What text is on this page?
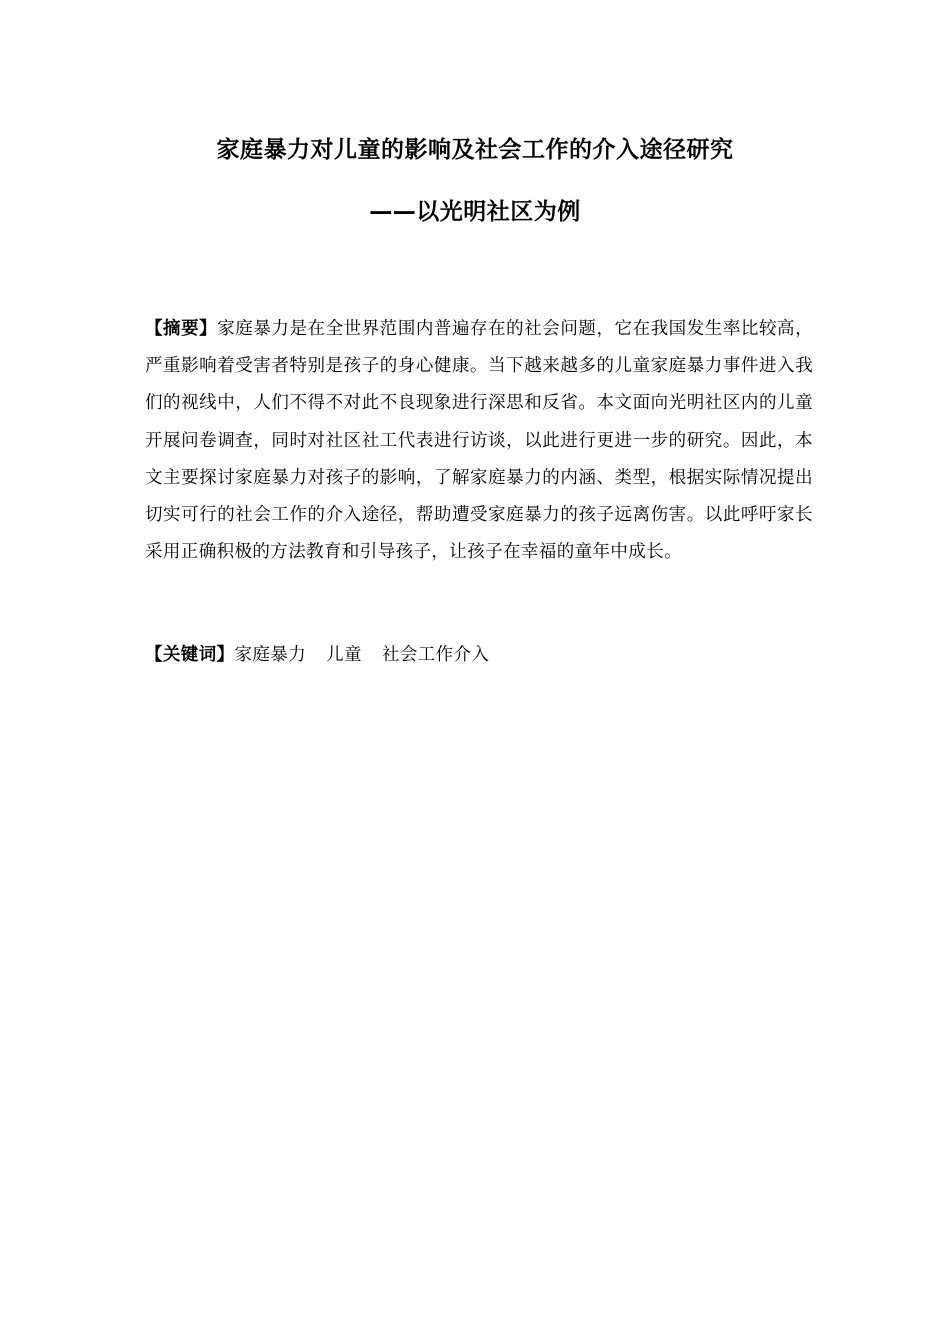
家庭暴力对儿童的影响及社会工作的介入途径研究
——以光明社区为例

【摘要】家庭暴力是在全世界范围内普遍存在的社会问题，它在我国发生率比较高，严重影响着受害者特别是孩子的身心健康。当下越来越多的儿童家庭暴力事件进入我们的视线中，人们不得不对此不良现象进行深思和反省。本文面向光明社区内的儿童开展问卷调查，同时对社区社工代表进行访谈，以此进行更进一步的研究。因此，本文主要探讨家庭暴力对孩子的影响，了解家庭暴力的内涵、类型，根据实际情况提出切实可行的社会工作的介入途径，帮助遭受家庭暴力的孩子远离伤害。以此呼吁家长采用正确积极的方法教育和引导孩子，让孩子在幸福的童年中成长。

【关键词】家庭暴力 儿童 社会工作介入
